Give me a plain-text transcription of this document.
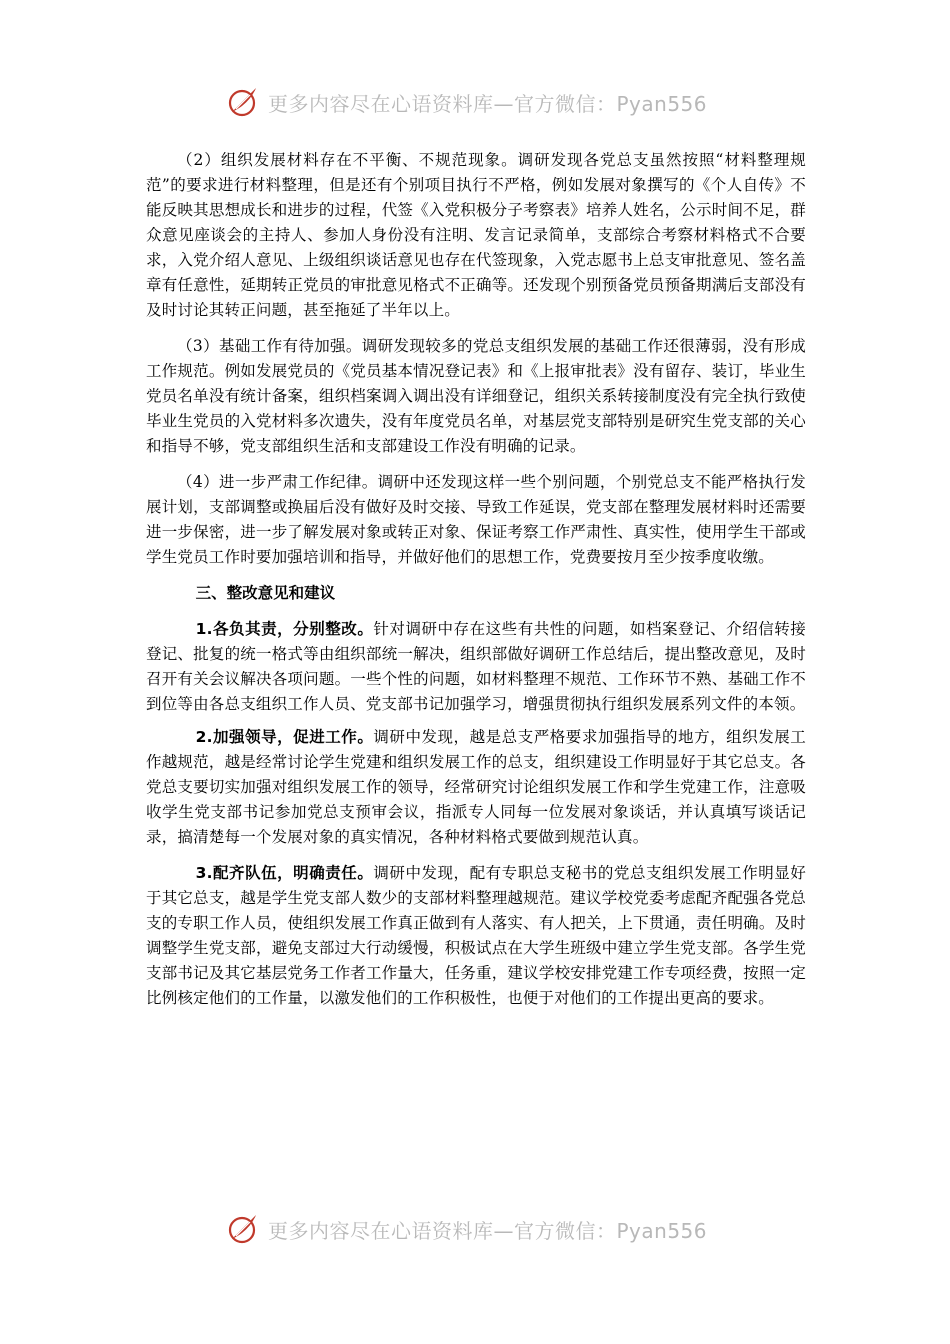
更多内容尽在心语资料库—官方微信：Pyan556

（2）组织发展材料存在不平衡、不规范现象。调研发现各党总支虽然按照“材料整理规范”的要求进行材料整理，但是还有个别项目执行不严格，例如发展对象撰写的《个人自传》不能反映其思想成长和进步的过程，代签《入党积极分子考察表》培养人姓名，公示时间不足，群众意见座谈会的主持人、参加人身份没有注明、发言记录简单，支部综合考察材料格式不合要求，入党介绍人意见、上级组织谈话意见也存在代签现象，入党志愿书上总支审批意见、签名盖章有任意性，延期转正党员的审批意见格式不正确等。还发现个别预备党员预备期满后支部没有及时讨论其转正问题，甚至拖延了半年以上。

（3）基础工作有待加强。调研发现较多的党总支组织发展的基础工作还很薄弱，没有形成工作规范。例如发展党员的《党员基本情况登记表》和《上报审批表》没有留存、装订，毕业生党员名单没有统计备案，组织档案调入调出没有详细登记，组织关系转接制度没有完全执行致使毕业生党员的入党材料多次遗失，没有年度党员名单，对基层党支部特别是研究生党支部的关心和指导不够，党支部组织生活和支部建设工作没有明确的记录。

（4）进一步严肃工作纪律。调研中还发现这样一些个别问题，个别党总支不能严格执行发展计划，支部调整或换届后没有做好及时交接、导致工作延误，党支部在整理发展材料时还需要进一步保密，进一步了解发展对象或转正对象、保证考察工作严肃性、真实性，使用学生干部或学生党员工作时要加强培训和指导，并做好他们的思想工作，党费要按月至少按季度收缴。

三、整改意见和建议

1.各负其责，分别整改。针对调研中存在这些有共性的问题，如档案登记、介绍信转接登记、批复的统一格式等由组织部统一解决，组织部做好调研工作总结后，提出整改意见，及时召开有关会议解决各项问题。一些个性的问题，如材料整理不规范、工作环节不熟、基础工作不到位等由各总支组织工作人员、党支部书记加强学习，增强贯彻执行组织发展系列文件的本领。

2.加强领导，促进工作。调研中发现，越是总支严格要求加强指导的地方，组织发展工作越规范，越是经常讨论学生党建和组织发展工作的总支，组织建设工作明显好于其它总支。各党总支要切实加强对组织发展工作的领导，经常研究讨论组织发展工作和学生党建工作，注意吸收学生党支部书记参加党总支预审会议，指派专人同每一位发展对象谈话，并认真填写谈话记录，搞清楚每一个发展对象的真实情况，各种材料格式要做到规范认真。

3.配齐队伍，明确责任。调研中发现，配有专职总支秘书的党总支组织发展工作明显好于其它总支，越是学生党支部人数少的支部材料整理越规范。建议学校党委考虑配齐配强各党总支的专职工作人员，使组织发展工作真正做到有人落实、有人把关，上下贯通，责任明确。及时调整学生党支部，避免支部过大行动缓慢，积极试点在大学生班级中建立学生党支部。各学生党支部书记及其它基层党务工作者工作量大，任务重，建议学校安排党建工作专项经费，按照一定比例核定他们的工作量，以激发他们的工作积极性，也便于对他们的工作提出更高的要求。

更多内容尽在心语资料库—官方微信：Pyan556
